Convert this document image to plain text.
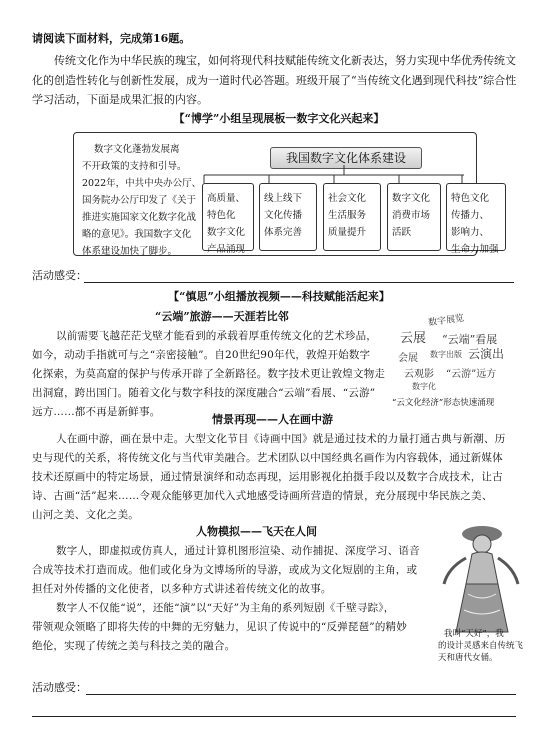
请阅读下面材料，完成第16题。
传统文化作为中华民族的瑰宝，如何将现代科技赋能传统文化新表达，努力实现中华优秀传统文
化的创造性转化与创新性发展，成为一道时代必答题。班级开展了“当传统文化遇到现代科技”综合性
学习活动，下面是成果汇报的内容。
【“博学”小组呈现展板一数字文化兴起来】
数字文化蓬勃发展离
不开政策的支持和引导。
2022年，中共中央办公厅、
国务院办公厅印发了《关于
推进实施国家文化数字化战
略的意见》。我国数字文化
体系建设加快了脚步。
我国数字文化体系建设
高质量、
特色化
数字文化
产品涌现
线上线下
文化传播
体系完善
社会文化
生活服务
质量提升
数字文化
消费市场
活跃
特色文化
传播力、
影响力、
生命力加强
活动感受：
【“慎思”小组播放视频——科技赋能活起来】
“云端”旅游——天涯若比邻
以前需要飞越茫茫戈壁才能看到的承载着厚重传统文化的艺术珍品，
如今，动动手指就可与之“亲密接触”。自20世纪90年代，敦煌开始数字
化探索，为莫高窟的保护与传承开辟了全新路径。数字技术更让敦煌文物走
出洞窟，跨出国门。随着文化与数字科技的深度融合“云端”看展、“云游”
远方……都不再是新鲜事。
数字展览
云展 “云端”看展
云演出
会展 数字出版
云观影 “云游”远方
数字化
“云文化经济”形态快速涌现
情景再现——人在画中游
人在画中游，画在景中走。大型文化节目《诗画中国》就是通过技术的力量打通古典与新潮、历
史与现代的关系，将传统文化与当代审美融合。艺术团队以中国经典名画作为内容载体，通过新媒体
技术还原画中的特定场景，通过情景演绎和动态再现，运用影视化拍摄手段以及数字合成技术，让古
诗、古画“活”起来……令观众能够更加代入式地感受诗画所营造的情景，充分展现中华民族之美、
山河之美、文化之美。
人物模拟——飞天在人间
数字人，即虚拟或仿真人，通过计算机图形渲染、动作捕捉、深度学习、语音
合成等技术打造而成。他们或化身为文博场所的导游，或成为文化短剧的主角，或
担任对外传播的文化使者，以多种方式讲述着传统文化的故事。
数字人不仅能“说”，还能“演”以“天好”为主角的系列短剧《千壁寻踪》，
带领观众领略了即将失传的中舞的无穷魅力，见识了传说中的“反弹琵琶”的精妙
绝伦，实现了传统之美与科技之美的融合。
我叫“天好”，我
的设计灵感来自传统飞
天和唐代女俑。
活动感受：
